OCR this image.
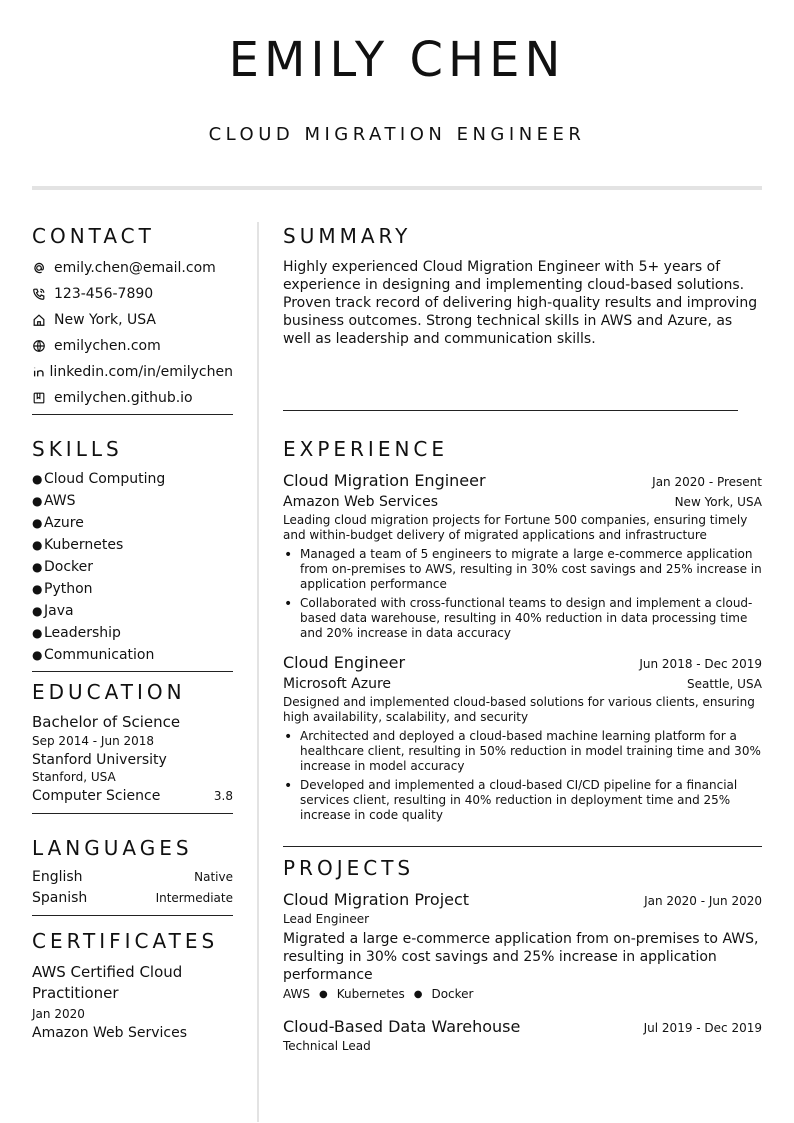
EMILY CHEN
CLOUD MIGRATION ENGINEER
CONTACT
emily.chen@email.com
123-456-7890
New York, USA
emilychen.com
linkedin.com/in/emilychen
emilychen.github.io
SKILLS
● Cloud Computing
● AWS
● Azure
● Kubernetes
● Docker
● Python
● Java
● Leadership
● Communication
EDUCATION
Bachelor of Science
Sep 2014 - Jun 2018
Stanford University
Stanford, USA
Computer Science	3.8
LANGUAGES
English	Native
Spanish	Intermediate
CERTIFICATES
AWS Certified Cloud Practitioner
Jan 2020
Amazon Web Services
SUMMARY
Highly experienced Cloud Migration Engineer with 5+ years of experience in designing and implementing cloud-based solutions. Proven track record of delivering high-quality results and improving business outcomes. Strong technical skills in AWS and Azure, as well as leadership and communication skills.
EXPERIENCE
Cloud Migration Engineer	Jan 2020 - Present
Amazon Web Services	New York, USA
Leading cloud migration projects for Fortune 500 companies, ensuring timely and within-budget delivery of migrated applications and infrastructure
• Managed a team of 5 engineers to migrate a large e-commerce application from on-premises to AWS, resulting in 30% cost savings and 25% increase in application performance
• Collaborated with cross-functional teams to design and implement a cloud-based data warehouse, resulting in 40% reduction in data processing time and 20% increase in data accuracy
Cloud Engineer	Jun 2018 - Dec 2019
Microsoft Azure	Seattle, USA
Designed and implemented cloud-based solutions for various clients, ensuring high availability, scalability, and security
• Architected and deployed a cloud-based machine learning platform for a healthcare client, resulting in 50% reduction in model training time and 30% increase in model accuracy
• Developed and implemented a cloud-based CI/CD pipeline for a financial services client, resulting in 40% reduction in deployment time and 25% increase in code quality
PROJECTS
Cloud Migration Project	Jan 2020 - Jun 2020
Lead Engineer
Migrated a large e-commerce application from on-premises to AWS, resulting in 30% cost savings and 25% increase in application performance
AWS ● Kubernetes ● Docker
Cloud-Based Data Warehouse	Jul 2019 - Dec 2019
Technical Lead
